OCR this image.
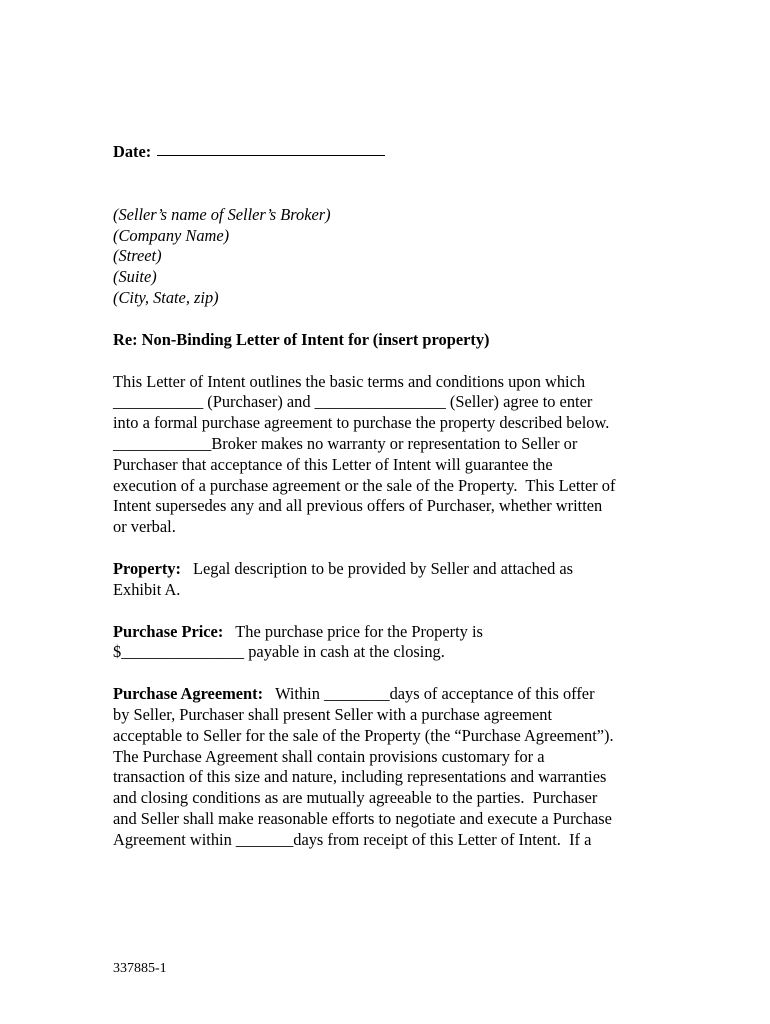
Date:
(Seller’s name of Seller’s Broker)
(Company Name)
(Street)
(Suite)
(City, State, zip)
Re: Non-Binding Letter of Intent for (insert property)
This Letter of Intent outlines the basic terms and conditions upon which
___________ (Purchaser) and ________________ (Seller) agree to enter
into a formal purchase agreement to purchase the property described below.
____________Broker makes no warranty or representation to Seller or
Purchaser that acceptance of this Letter of Intent will guarantee the
execution of a purchase agreement or the sale of the Property.  This Letter of
Intent supersedes any and all previous offers of Purchaser, whether written
or verbal.
Property: Legal description to be provided by Seller and attached as
Exhibit A.
Purchase Price: The purchase price for the Property is
$_______________ payable in cash at the closing.
Purchase Agreement: Within ________days of acceptance of this offer
by Seller, Purchaser shall present Seller with a purchase agreement
acceptable to Seller for the sale of the Property (the “Purchase Agreement”).
The Purchase Agreement shall contain provisions customary for a
transaction of this size and nature, including representations and warranties
and closing conditions as are mutually agreeable to the parties.  Purchaser
and Seller shall make reasonable efforts to negotiate and execute a Purchase
Agreement within _______days from receipt of this Letter of Intent.  If a
337885-1
